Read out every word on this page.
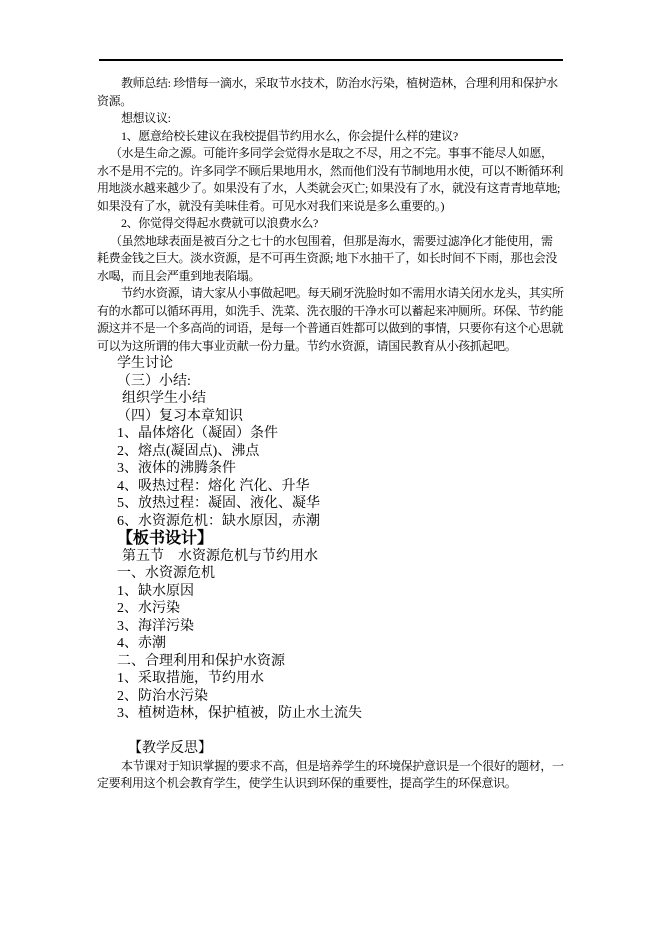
教师总结: 珍惜每一滴水，采取节水技术，防治水污染，植树造林，合理利用和保护水
资源。
想想议议:
1、愿意给校长建议在我校提倡节约用水么，你会提什么样的建议?
（水是生命之源。可能许多同学会觉得水是取之不尽，用之不完。事事不能尽人如愿，
水不是用不完的。许多同学不顾后果地用水，然而他们没有节制地用水使，可以不断循环利
用地淡水越来越少了。如果没有了水，人类就会灭亡; 如果没有了水，就没有这青青地草地;
如果没有了水，就没有美味佳肴。可见水对我们来说是多么重要的。)
2、你觉得交得起水费就可以浪费水么?
（虽然地球表面是被百分之七十的水包围着，但那是海水，需要过滤净化才能使用，需
耗费金钱之巨大。淡水资源，是不可再生资源; 地下水抽干了，如长时间不下雨，那也会没
水喝，而且会严重到地表陷塌。
节约水资源，请大家从小事做起吧。每天刷牙洗脸时如不需用水请关闭水龙头，其实所
有的水都可以循环再用，如洗手、洗菜、洗衣服的干净水可以蓄起来冲厕所。环保、节约能
源这并不是一个多高尚的词语，是每一个普通百姓都可以做到的事情，只要你有这个心思就
可以为这所谓的伟大事业贡献一份力量。节约水资源，请国民教育从小孩抓起吧。
学生讨论
（三）小结:
组织学生小结
（四）复习本章知识
1、晶体熔化（凝固）条件
2、熔点(凝固点)、沸点
3、液体的沸腾条件
4、吸热过程：熔化 汽化、升华
5、放热过程：凝固、液化、凝华
6、水资源危机：缺水原因，赤潮
【板书设计】
第五节　水资源危机与节约用水
一、水资源危机
1、缺水原因
2、水污染
3、海洋污染
4、赤潮
二、合理利用和保护水资源
1、采取措施，节约用水
2、防治水污染
3、植树造林，保护植被，防止水土流失

【教学反思】
本节课对于知识掌握的要求不高，但是培养学生的环境保护意识是一个很好的题材，一
定要利用这个机会教育学生，使学生认识到环保的重要性，提高学生的环保意识。
